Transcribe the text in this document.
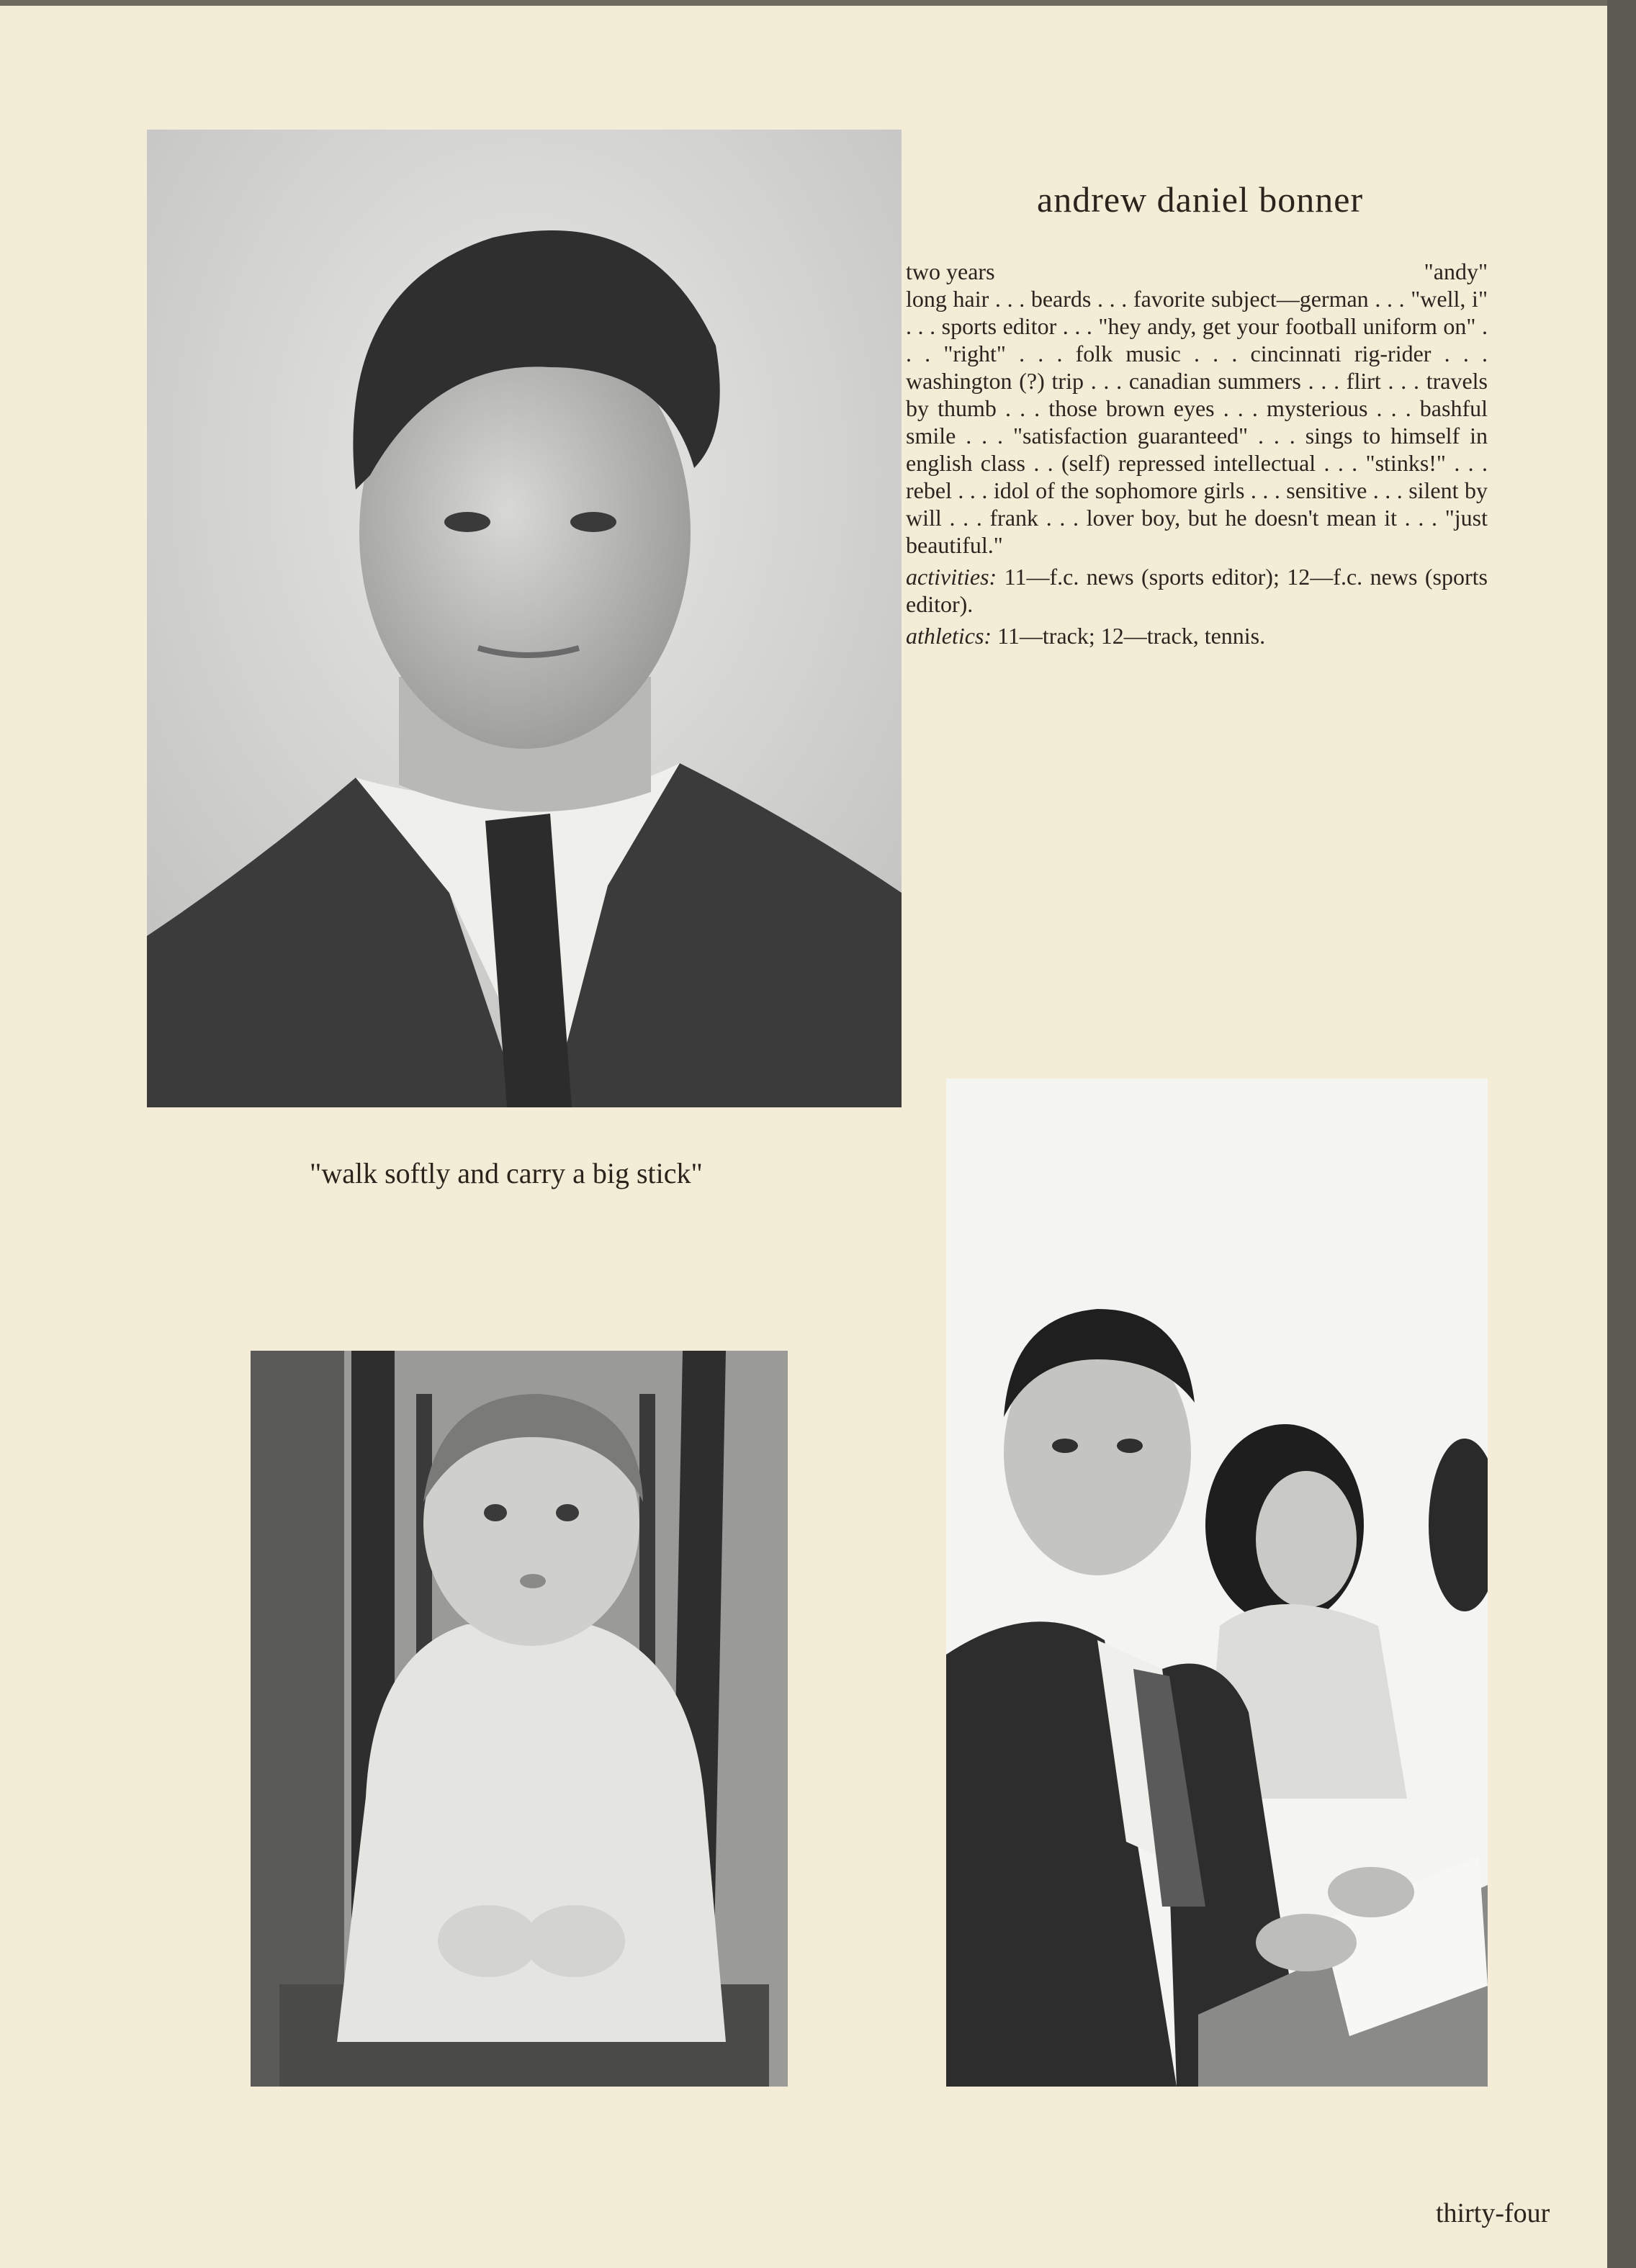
andrew daniel bonner
two years	"andy"

long hair . . . beards . . . favorite subject—german . . . "well, i" . . . sports editor . . . "hey andy, get your football uniform on" . . . "right" . . . folk music . . . cincinnati rig-rider . . . washington (?) trip . . . canadian summers . . . flirt . . . travels by thumb . . . those brown eyes . . . mysterious . . . bashful smile . . . "satisfaction guaranteed" . . . sings to himself in english class . . (self) repressed intellectual . . . "stinks!" . . . rebel . . . idol of the sophomore girls . . . sensitive . . . silent by will . . . frank . . . lover boy, but he doesn't mean it . . . "just beautiful."

activities: 11—f.c. news (sports editor); 12—f.c. news (sports editor).

athletics: 11—track; 12—track, tennis.

"walk softly and carry a big stick"
thirty-four
